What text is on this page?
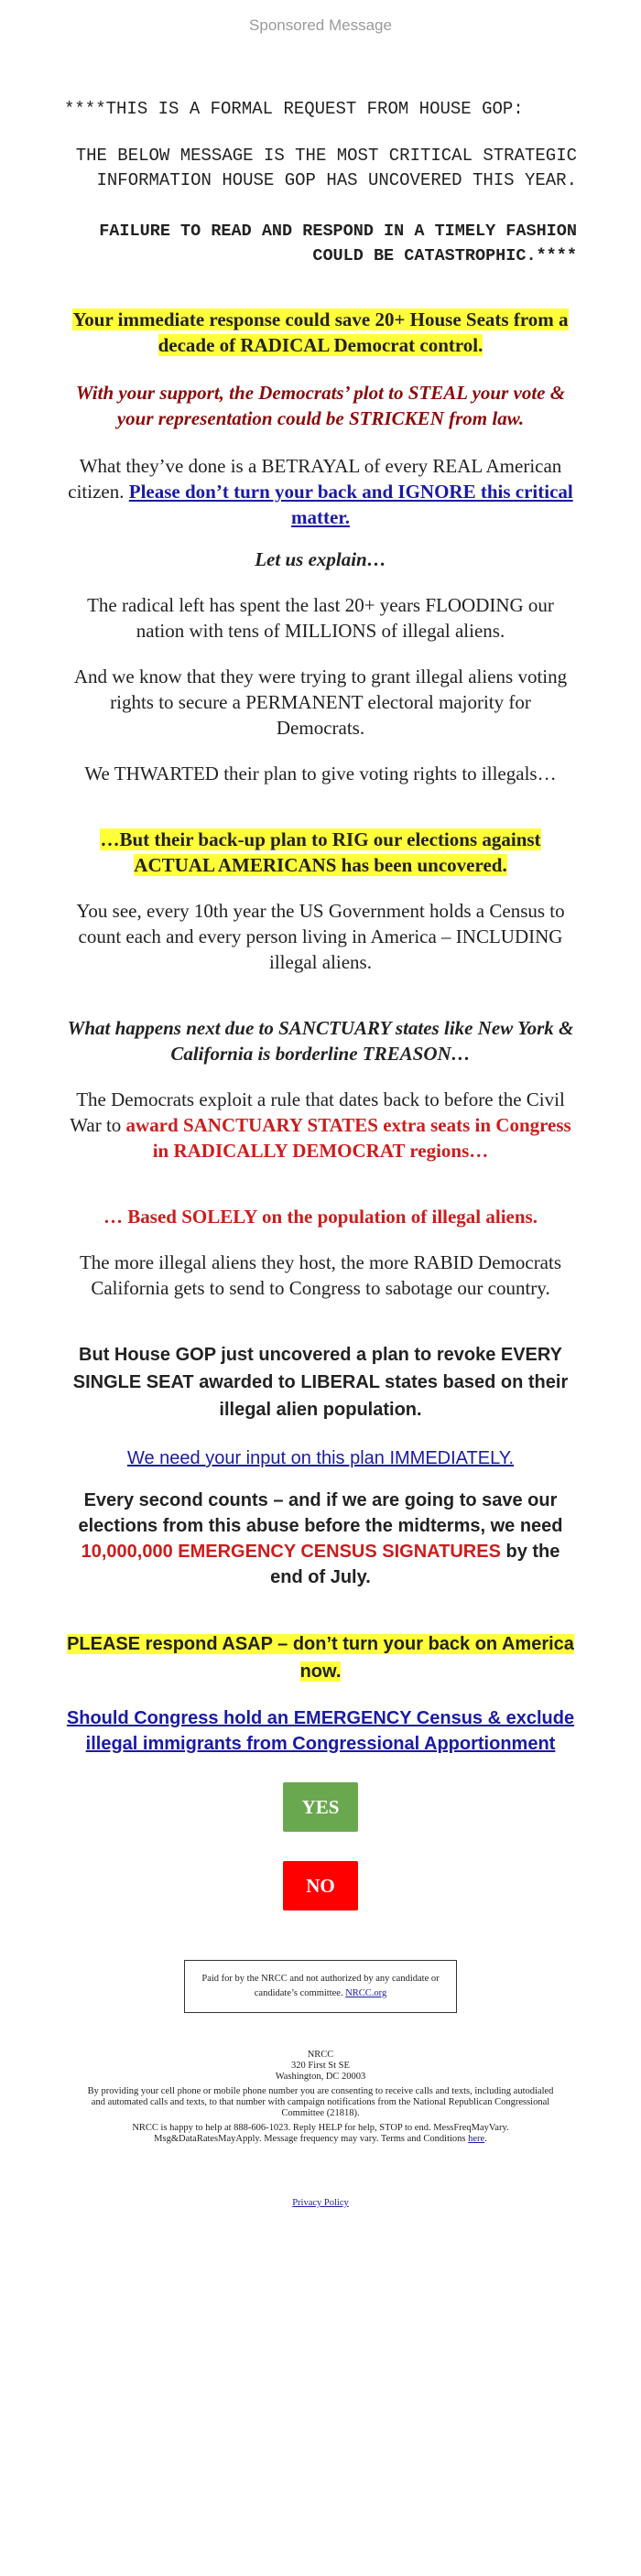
Sponsored Message
****THIS IS A FORMAL REQUEST FROM HOUSE GOP:
THE BELOW MESSAGE IS THE MOST CRITICAL STRATEGIC INFORMATION HOUSE GOP HAS UNCOVERED THIS YEAR.
FAILURE TO READ AND RESPOND IN A TIMELY FASHION COULD BE CATASTROPHIC.****
Your immediate response could save 20+ House Seats from a decade of RADICAL Democrat control.
With your support, the Democrats’ plot to STEAL your vote & your representation could be STRICKEN from law.
What they’ve done is a BETRAYAL of every REAL American citizen. Please don’t turn your back and IGNORE this critical matter.
Let us explain…
The radical left has spent the last 20+ years FLOODING our nation with tens of MILLIONS of illegal aliens.
And we know that they were trying to grant illegal aliens voting rights to secure a PERMANENT electoral majority for Democrats.
We THWARTED their plan to give voting rights to illegals…
…But their back-up plan to RIG our elections against ACTUAL AMERICANS has been uncovered.
You see, every 10th year the US Government holds a Census to count each and every person living in America – INCLUDING illegal aliens.
What happens next due to SANCTUARY states like New York & California is borderline TREASON…
The Democrats exploit a rule that dates back to before the Civil War to award SANCTUARY STATES extra seats in Congress in RADICALLY DEMOCRAT regions…
… Based SOLELY on the population of illegal aliens.
The more illegal aliens they host, the more RABID Democrats California gets to send to Congress to sabotage our country.
But House GOP just uncovered a plan to revoke EVERY SINGLE SEAT awarded to LIBERAL states based on their illegal alien population.
We need your input on this plan IMMEDIATELY.
Every second counts – and if we are going to save our elections from this abuse before the midterms, we need 10,000,000 EMERGENCY CENSUS SIGNATURES by the end of July.
PLEASE respond ASAP – don’t turn your back on America now.
Should Congress hold an EMERGENCY Census & exclude illegal immigrants from Congressional Apportionment
YES
NO
Paid for by the NRCC and not authorized by any candidate or candidate’s committee. NRCC.org
NRCC
320 First St SE
Washington, DC 20003
By providing your cell phone or mobile phone number you are consenting to receive calls and texts, including autodialed and automated calls and texts, to that number with campaign notifications from the National Republican Congressional Committee (21818).
NRCC is happy to help at 888-606-1023. Reply HELP for help, STOP to end. MessFreqMayVary. Msg&DataRatesMayApply. Message frequency may vary. Terms and Conditions here.
Privacy Policy
